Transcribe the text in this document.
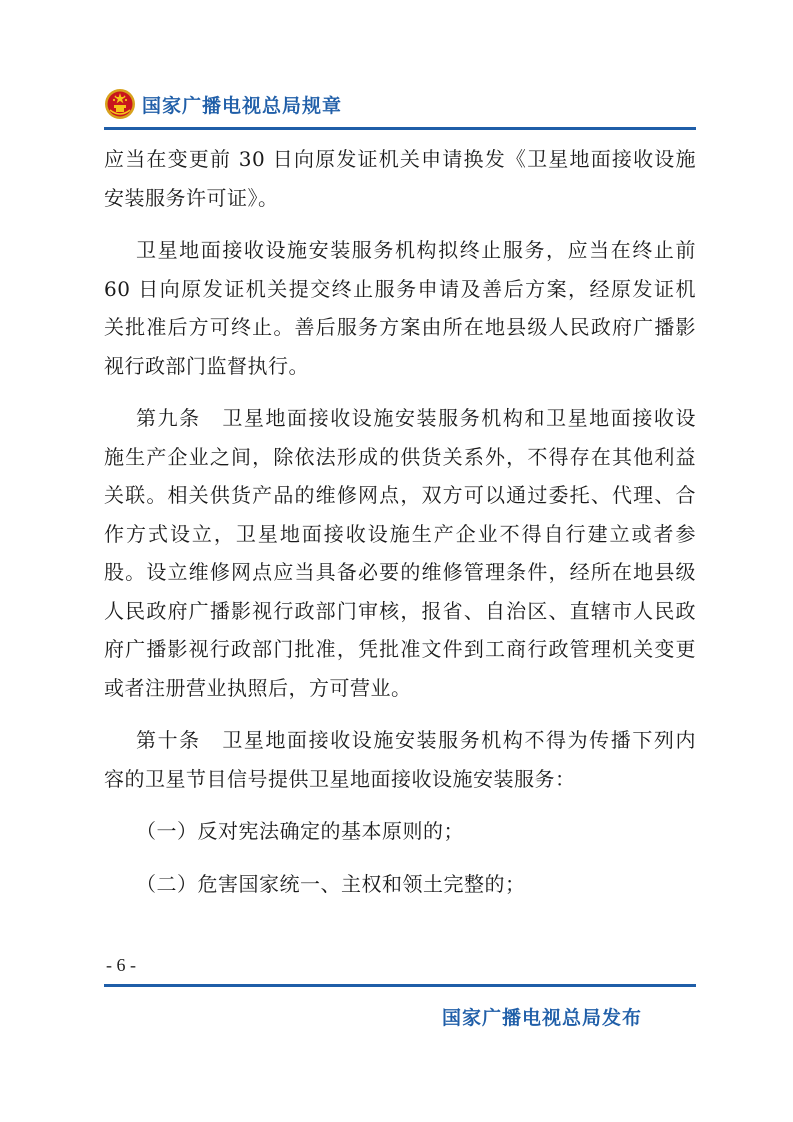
国家广播电视总局规章
应当在变更前 30 日向原发证机关申请换发《卫星地面接收设施
安装服务许可证》。
卫星地面接收设施安装服务机构拟终止服务，应当在终止前
60 日向原发证机关提交终止服务申请及善后方案，经原发证机
关批准后方可终止。善后服务方案由所在地县级人民政府广播影
视行政部门监督执行。
第九条　卫星地面接收设施安装服务机构和卫星地面接收设
施生产企业之间，除依法形成的供货关系外，不得存在其他利益
关联。相关供货产品的维修网点，双方可以通过委托、代理、合
作方式设立，卫星地面接收设施生产企业不得自行建立或者参
股。设立维修网点应当具备必要的维修管理条件，经所在地县级
人民政府广播影视行政部门审核，报省、自治区、直辖市人民政
府广播影视行政部门批准，凭批准文件到工商行政管理机关变更
或者注册营业执照后，方可营业。
第十条　卫星地面接收设施安装服务机构不得为传播下列内
容的卫星节目信号提供卫星地面接收设施安装服务：
（一）反对宪法确定的基本原则的；
（二）危害国家统一、主权和领土完整的；
- 6 -
国家广播电视总局发布
